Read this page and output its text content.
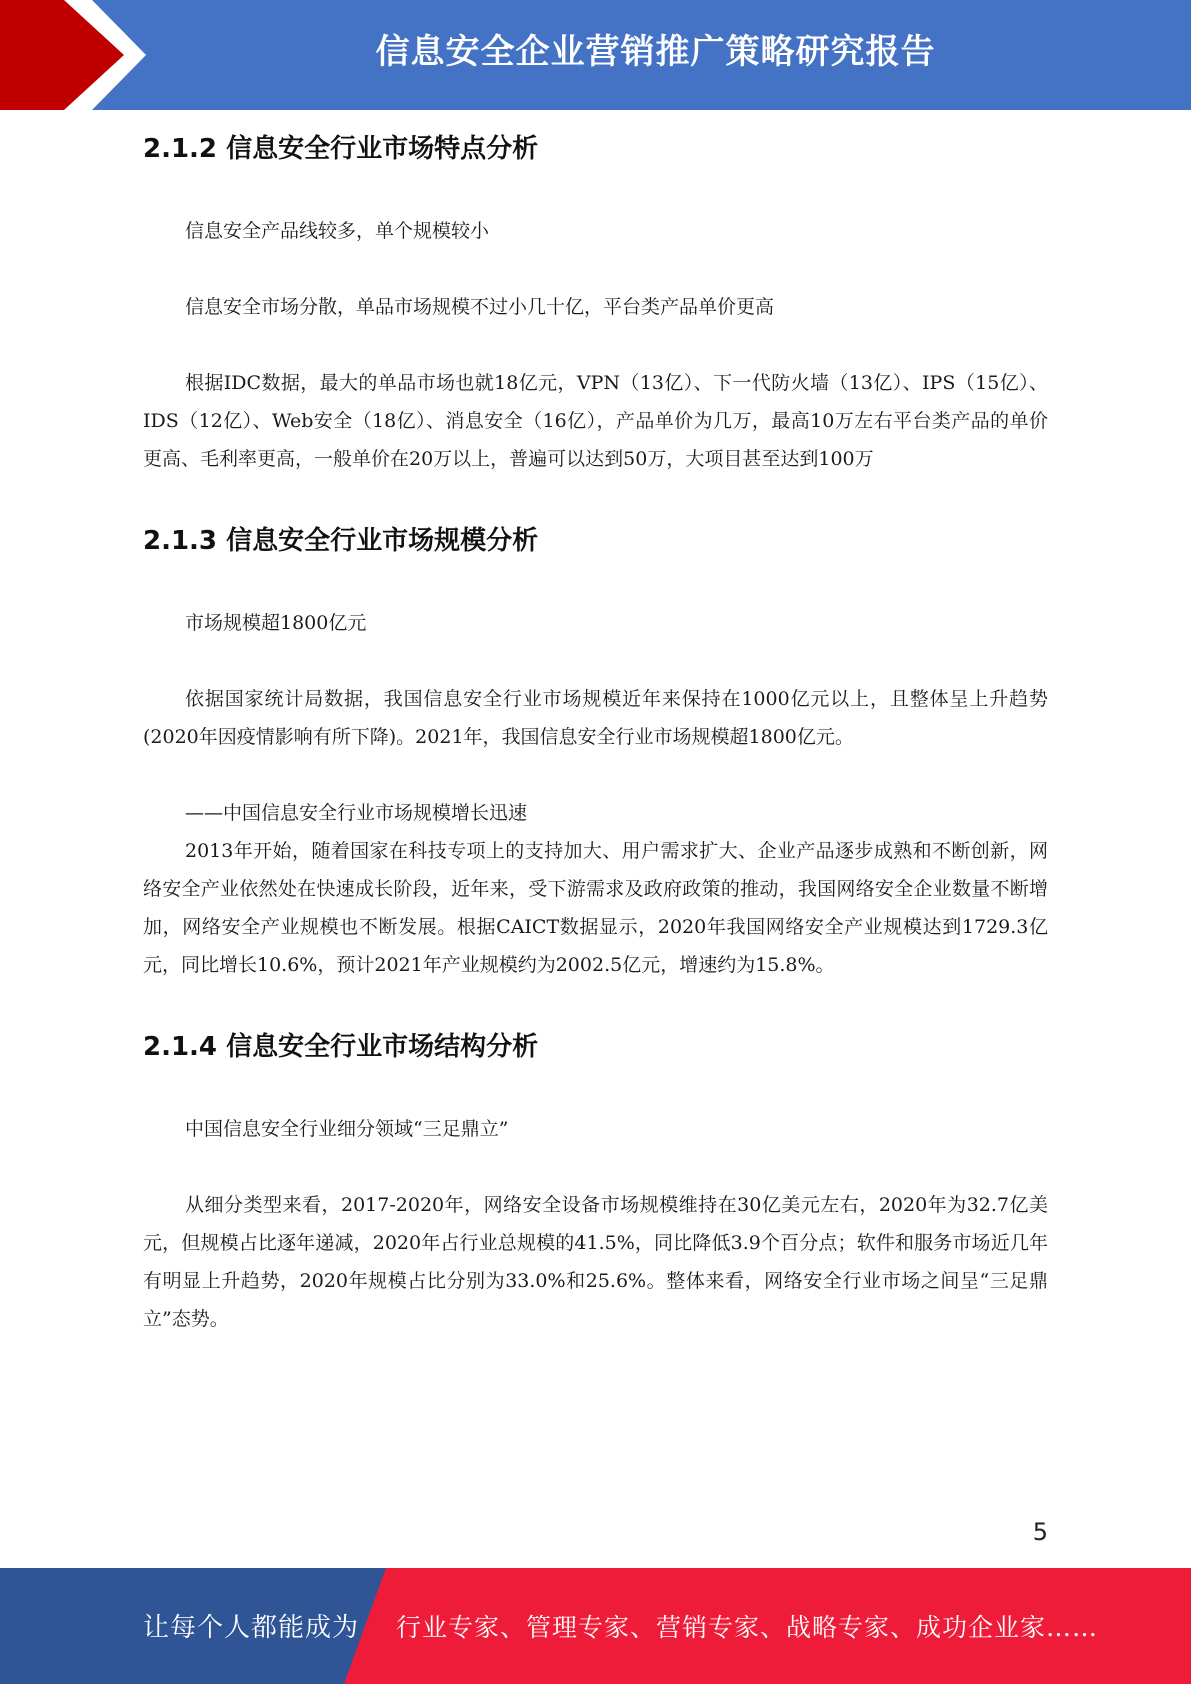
信息安全企业营销推广策略研究报告
2.1.2 信息安全行业市场特点分析

信息安全产品线较多，单个规模较小

信息安全市场分散，单品市场规模不过小几十亿，平台类产品单价更高

根据IDC数据，最大的单品市场也就18亿元，VPN（13亿）、下一代防火墙（13亿）、IPS（15亿）、IDS（12亿）、Web安全（18亿）、消息安全（16亿），产品单价为几万，最高10万左右平台类产品的单价更高、毛利率更高，一般单价在20万以上，普遍可以达到50万，大项目甚至达到100万

2.1.3 信息安全行业市场规模分析

市场规模超1800亿元

依据国家统计局数据，我国信息安全行业市场规模近年来保持在1000亿元以上，且整体呈上升趋势(2020年因疫情影响有所下降)。2021年，我国信息安全行业市场规模超1800亿元。

——中国信息安全行业市场规模增长迅速

2013年开始，随着国家在科技专项上的支持加大、用户需求扩大、企业产品逐步成熟和不断创新，网络安全产业依然处在快速成长阶段，近年来，受下游需求及政府政策的推动，我国网络安全企业数量不断增加，网络安全产业规模也不断发展。根据CAICT数据显示，2020年我国网络安全产业规模达到1729.3亿元，同比增长10.6%，预计2021年产业规模约为2002.5亿元，增速约为15.8%。

2.1.4 信息安全行业市场结构分析

中国信息安全行业细分领域“三足鼎立”

从细分类型来看，2017-2020年，网络安全设备市场规模维持在30亿美元左右，2020年为32.7亿美元，但规模占比逐年递减，2020年占行业总规模的41.5%，同比降低3.9个百分点；软件和服务市场近几年有明显上升趋势，2020年规模占比分别为33.0%和25.6%。整体来看，网络安全行业市场之间呈“三足鼎立”态势。

5
让每个人都能成为 行业专家、管理专家、营销专家、战略专家、成功企业家……
